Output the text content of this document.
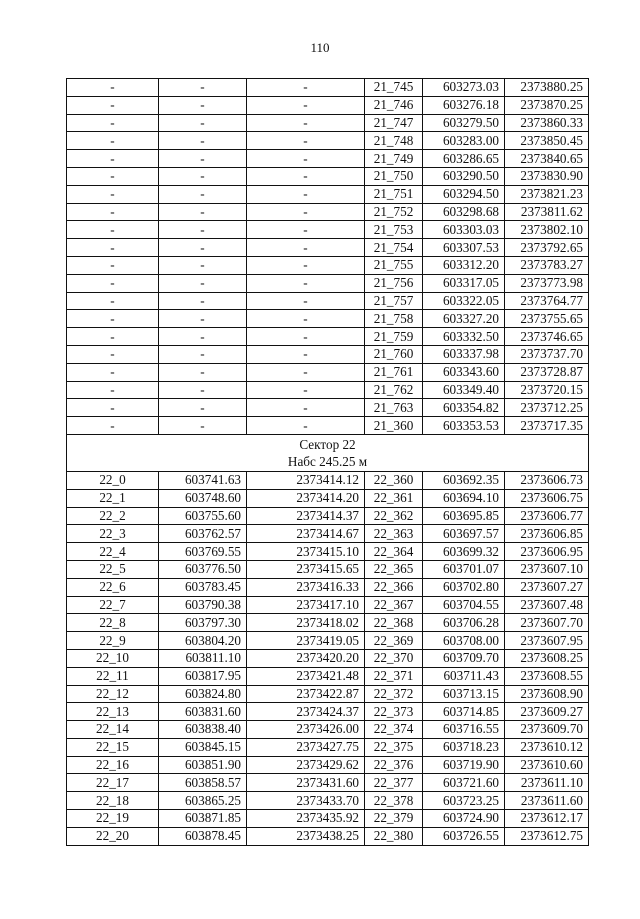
110
-	-	-	21_745	603273.03	2373880.25
-	-	-	21_746	603276.18	2373870.25
-	-	-	21_747	603279.50	2373860.33
-	-	-	21_748	603283.00	2373850.45
-	-	-	21_749	603286.65	2373840.65
-	-	-	21_750	603290.50	2373830.90
-	-	-	21_751	603294.50	2373821.23
-	-	-	21_752	603298.68	2373811.62
-	-	-	21_753	603303.03	2373802.10
-	-	-	21_754	603307.53	2373792.65
-	-	-	21_755	603312.20	2373783.27
-	-	-	21_756	603317.05	2373773.98
-	-	-	21_757	603322.05	2373764.77
-	-	-	21_758	603327.20	2373755.65
-	-	-	21_759	603332.50	2373746.65
-	-	-	21_760	603337.98	2373737.70
-	-	-	21_761	603343.60	2373728.87
-	-	-	21_762	603349.40	2373720.15
-	-	-	21_763	603354.82	2373712.25
-	-	-	21_360	603353.53	2373717.35

Сектор 22
Набс 245.25 м					

22_0	603741.63	2373414.12	22_360	603692.35	2373606.73
22_1	603748.60	2373414.20	22_361	603694.10	2373606.75
22_2	603755.60	2373414.37	22_362	603695.85	2373606.77
22_3	603762.57	2373414.67	22_363	603697.57	2373606.85
22_4	603769.55	2373415.10	22_364	603699.32	2373606.95
22_5	603776.50	2373415.65	22_365	603701.07	2373607.10
22_6	603783.45	2373416.33	22_366	603702.80	2373607.27
22_7	603790.38	2373417.10	22_367	603704.55	2373607.48
22_8	603797.30	2373418.02	22_368	603706.28	2373607.70
22_9	603804.20	2373419.05	22_369	603708.00	2373607.95
22_10	603811.10	2373420.20	22_370	603709.70	2373608.25
22_11	603817.95	2373421.48	22_371	603711.43	2373608.55
22_12	603824.80	2373422.87	22_372	603713.15	2373608.90
22_13	603831.60	2373424.37	22_373	603714.85	2373609.27
22_14	603838.40	2373426.00	22_374	603716.55	2373609.70
22_15	603845.15	2373427.75	22_375	603718.23	2373610.12
22_16	603851.90	2373429.62	22_376	603719.90	2373610.60
22_17	603858.57	2373431.60	22_377	603721.60	2373611.10
22_18	603865.25	2373433.70	22_378	603723.25	2373611.60
22_19	603871.85	2373435.92	22_379	603724.90	2373612.17
22_20	603878.45	2373438.25	22_380	603726.55	2373612.75
